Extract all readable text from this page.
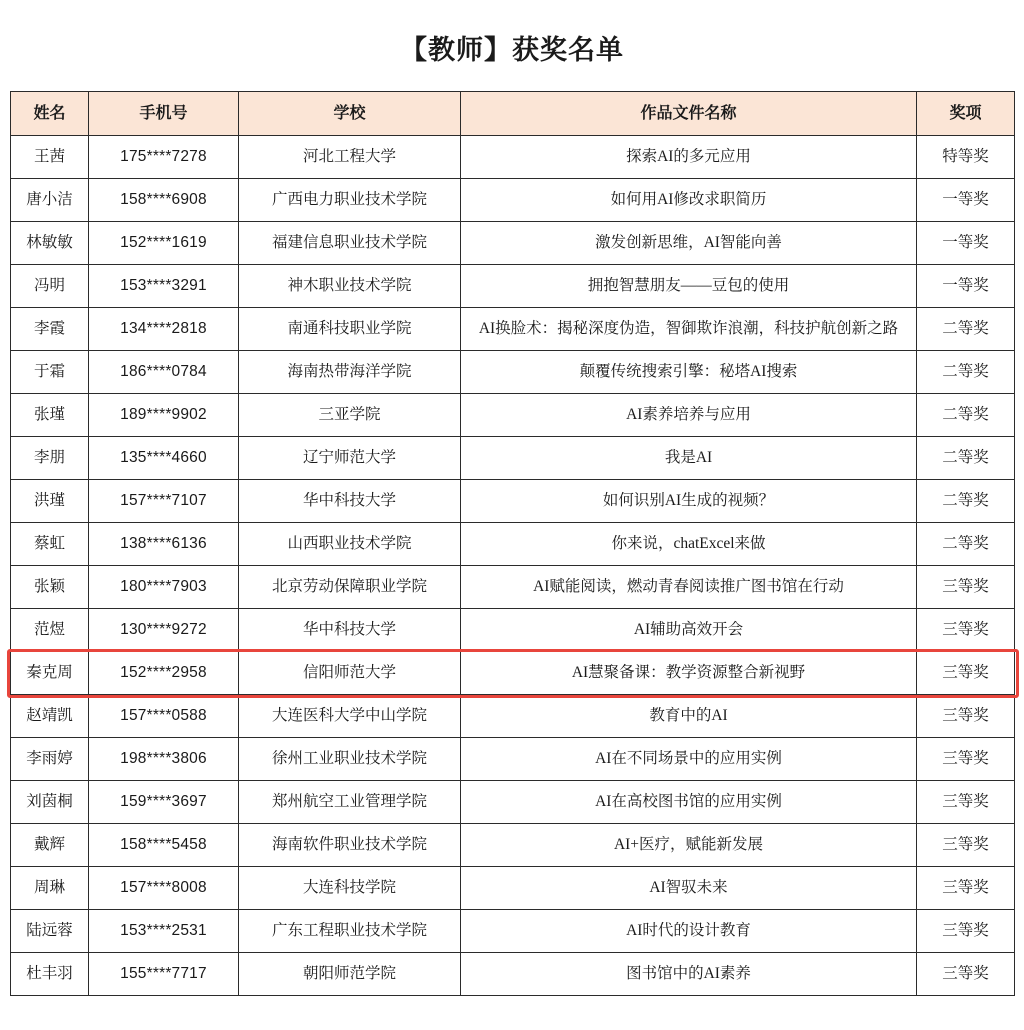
【教师】获奖名单
姓名	手机号	学校	作品文件名称	奖项
王茜	175****7278	河北工程大学	探索AI的多元应用	特等奖
唐小洁	158****6908	广西电力职业技术学院	如何用AI修改求职简历	一等奖
林敏敏	152****1619	福建信息职业技术学院	激发创新思维，AI智能向善	一等奖
冯明	153****3291	神木职业技术学院	拥抱智慧朋友——豆包的使用	一等奖
李霞	134****2818	南通科技职业学院	AI换脸术：揭秘深度伪造，智御欺诈浪潮，科技护航创新之路	二等奖
于霜	186****0784	海南热带海洋学院	颠覆传统搜索引擎：秘塔AI搜索	二等奖
张瑾	189****9902	三亚学院	AI素养培养与应用	二等奖
李朋	135****4660	辽宁师范大学	我是AI	二等奖
洪瑾	157****7107	华中科技大学	如何识别AI生成的视频？	二等奖
蔡虹	138****6136	山西职业技术学院	你来说，chatExcel来做	二等奖
张颖	180****7903	北京劳动保障职业学院	AI赋能阅读，燃动青春阅读推广图书馆在行动	三等奖
范煜	130****9272	华中科技大学	AI辅助高效开会	三等奖
秦克周	152****2958	信阳师范大学	AI慧聚备课：教学资源整合新视野	三等奖
赵靖凯	157****0588	大连医科大学中山学院	教育中的AI	三等奖
李雨婷	198****3806	徐州工业职业技术学院	AI在不同场景中的应用实例	三等奖
刘茵桐	159****3697	郑州航空工业管理学院	AI在高校图书馆的应用实例	三等奖
戴辉	158****5458	海南软件职业技术学院	AI+医疗，赋能新发展	三等奖
周琳	157****8008	大连科技学院	AI智驭未来	三等奖
陆远蓉	153****2531	广东工程职业技术学院	AI时代的设计教育	三等奖
杜丰羽	155****7717	朝阳师范学院	图书馆中的AI素养	三等奖
